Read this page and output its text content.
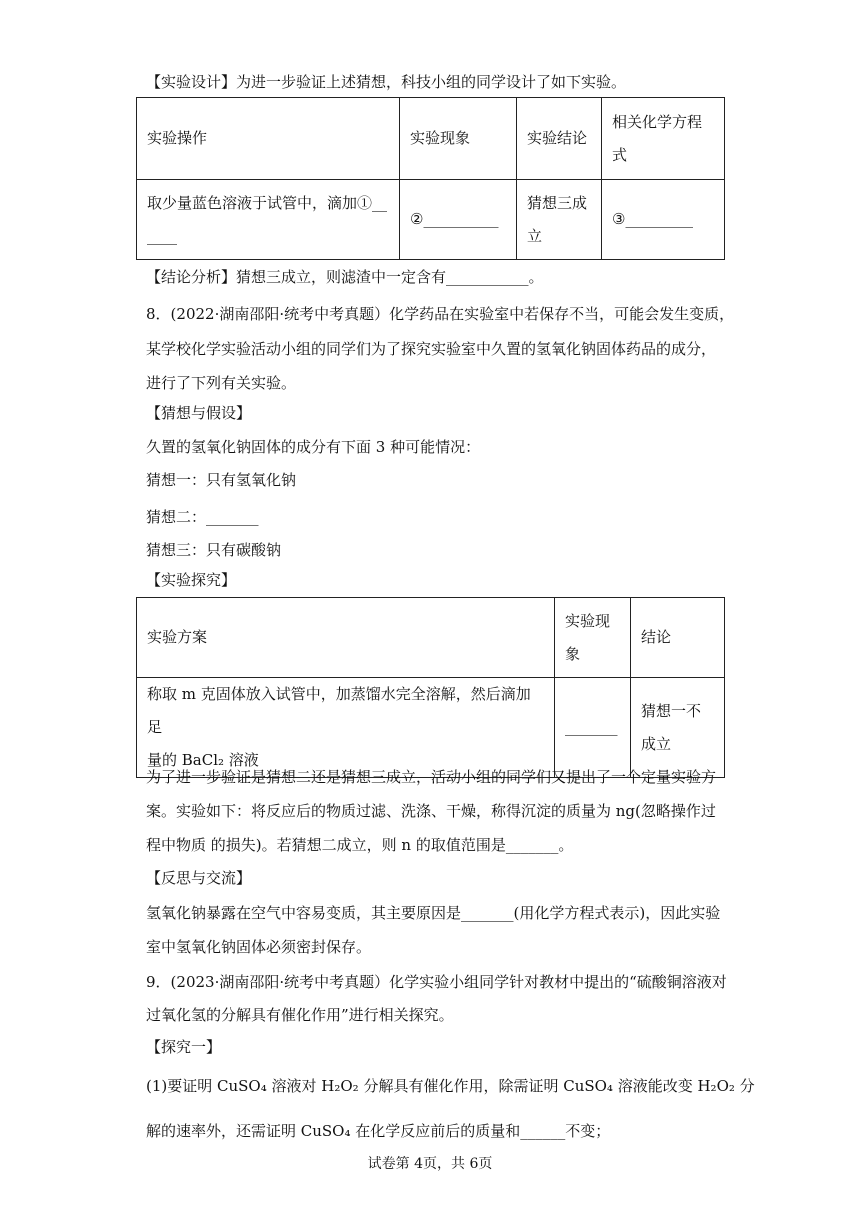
【实验设计】为进一步验证上述猜想，科技小组的同学设计了如下实验。
实验操作	实验现象	实验结论	相关化学方程式
取少量蓝色溶液于试管中，滴加①______	②__________	猜想三成立	③_________
【结论分析】猜想三成立，则滤渣中一定含有___________。
8．(2022·湖南邵阳·统考中考真题）化学药品在实验室中若保存不当，可能会发生变质，
某学校化学实验活动小组的同学们为了探究实验室中久置的氢氧化钠固体药品的成分，
进行了下列有关实验。
【猜想与假设】
久置的氢氧化钠固体的成分有下面 3 种可能情况：
猜想一：只有氢氧化钠
猜想二：_______
猜想三：只有碳酸钠
【实验探究】
实验方案	实验现象	结论

称取 m 克固体放入试管中，加蒸馏水完全溶解，然后滴加足
量的 BaCl₂ 溶液	_______	猜想一不成立
为了进一步验证是猜想二还是猜想三成立，活动小组的同学们又提出了一个定量实验方
案。实验如下：将反应后的物质过滤、洗涤、干燥，称得沉淀的质量为 ng(忽略操作过
程中物质 的损失)。若猜想二成立，则 n 的取值范围是_______。
【反思与交流】
氢氧化钠暴露在空气中容易变质，其主要原因是_______(用化学方程式表示)，因此实验
室中氢氧化钠固体必须密封保存。
9．(2023·湖南邵阳·统考中考真题）化学实验小组同学针对教材中提出的“硫酸铜溶液对
过氧化氢的分解具有催化作用”进行相关探究。
【探究一】
(1)要证明 CuSO₄ 溶液对 H₂O₂ 分解具有催化作用，除需证明 CuSO₄ 溶液能改变 H₂O₂ 分
解的速率外，还需证明 CuSO₄ 在化学反应前后的质量和______不变；
试卷第 4页，共 6页
